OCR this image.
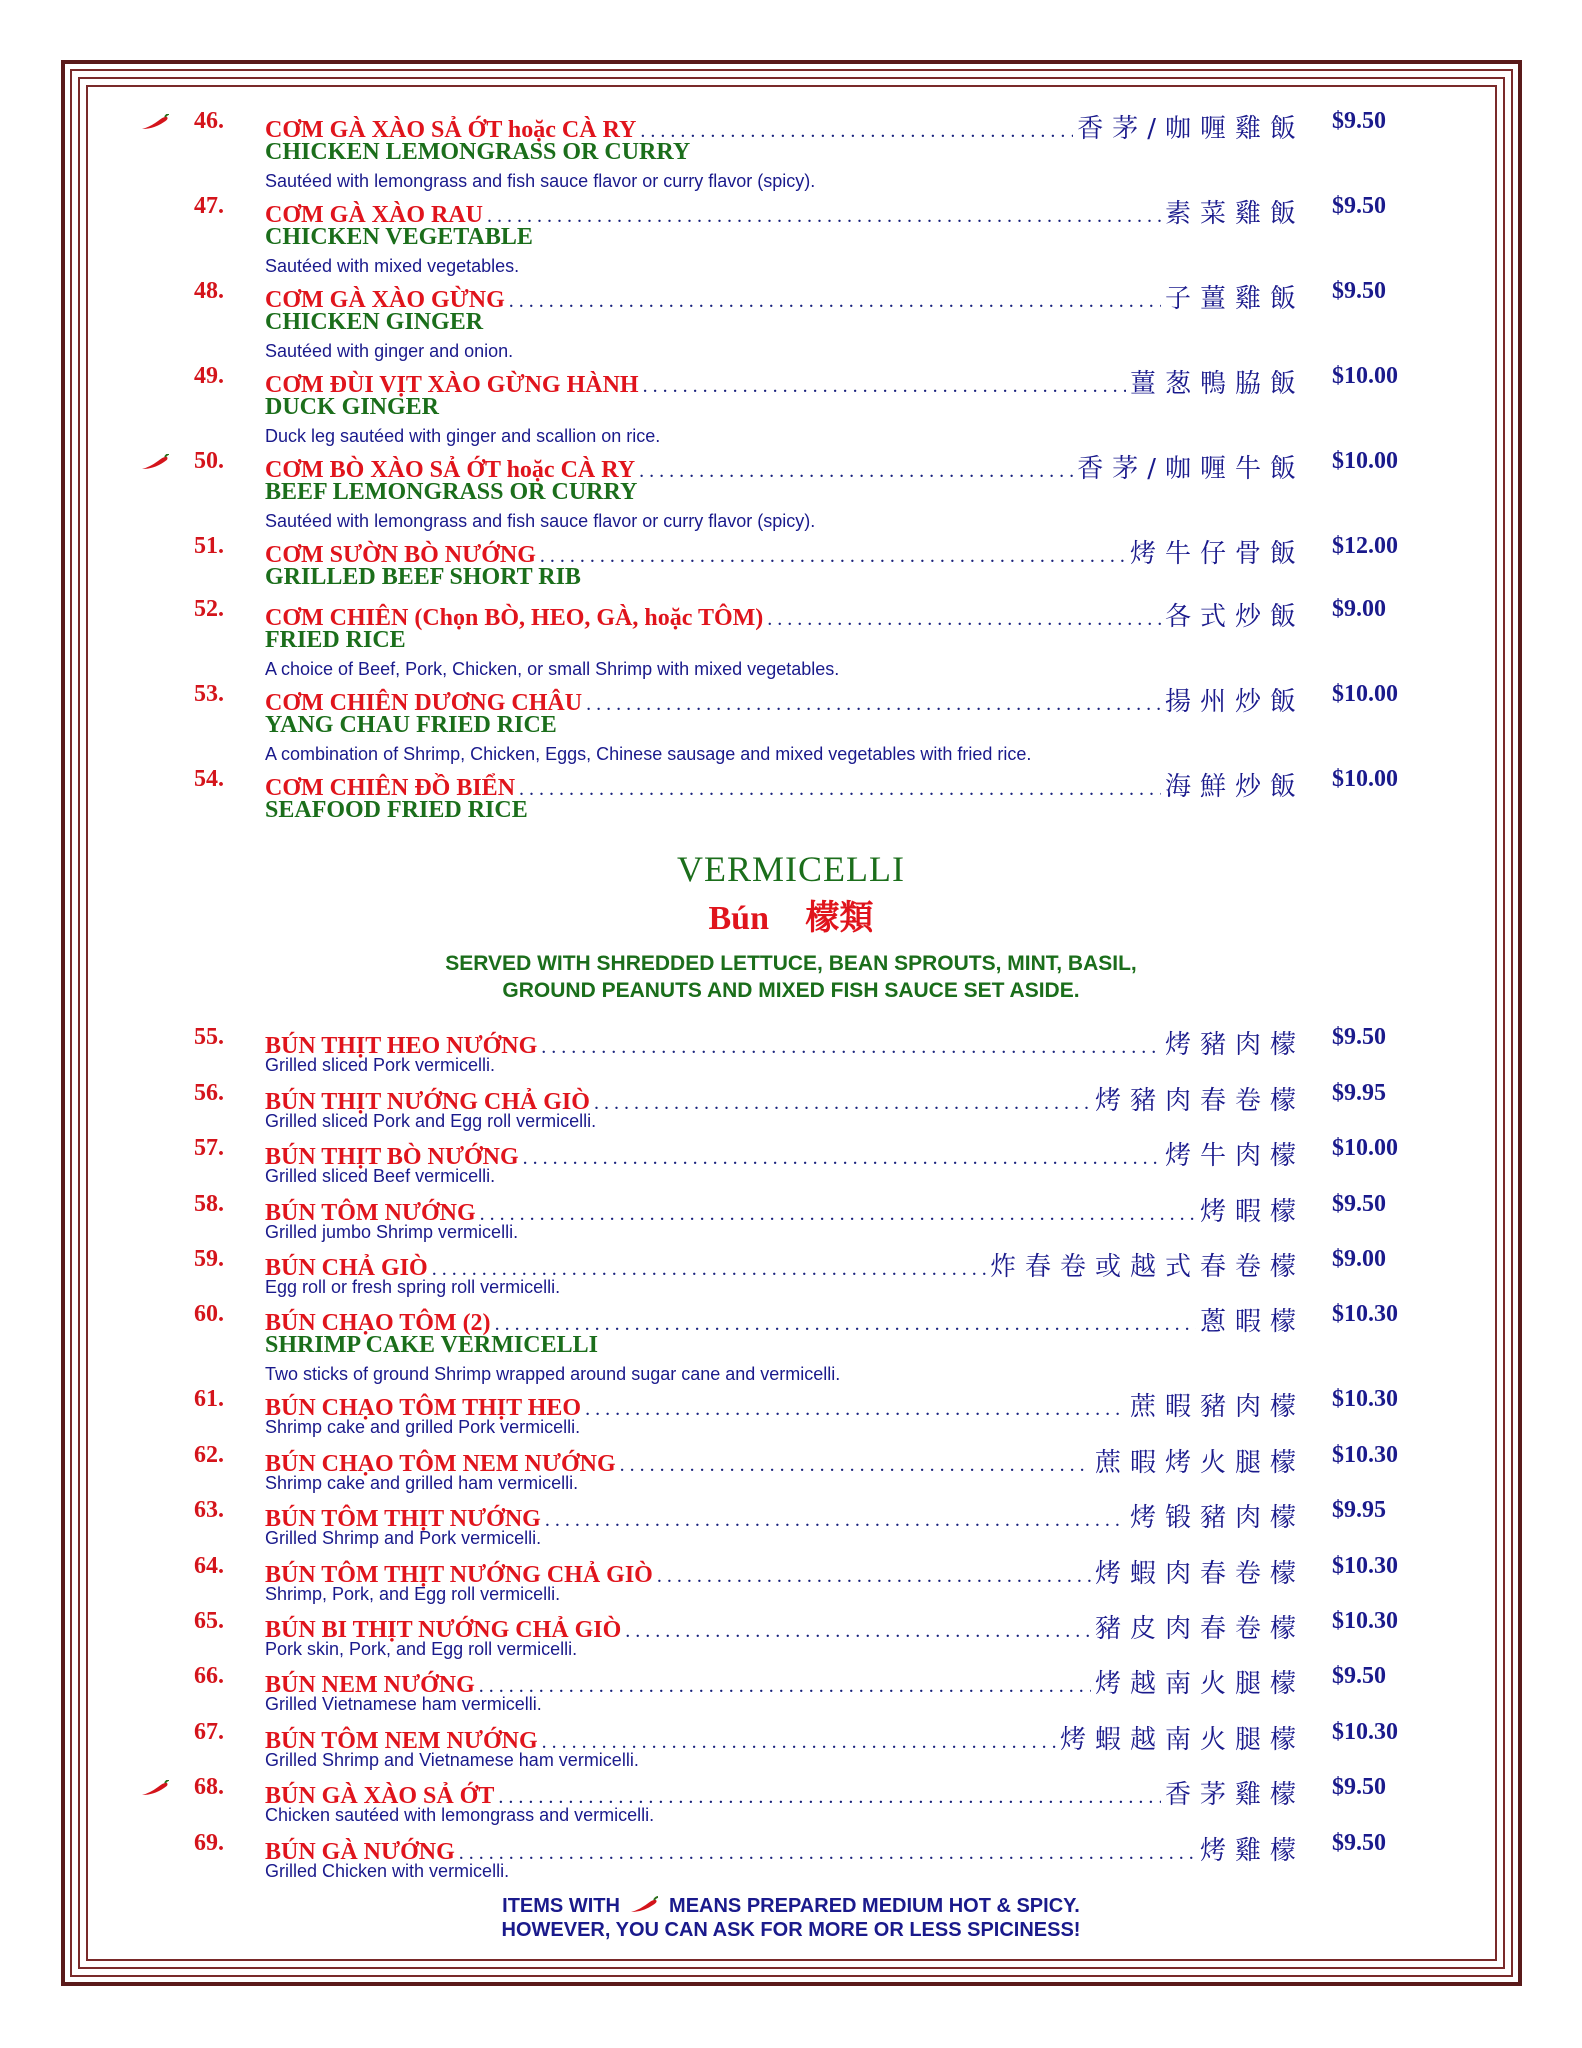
46. CƠM GÀ XÀO SẢ ỚT hoặc CÀ RY .....	香茅/咖喱雞飯 $9.50
CHICKEN LEMONGRASS OR CURRY
Sautéed with lemongrass and fish sauce flavor or curry flavor (spicy).
47. CƠM GÀ XÀO RAU .....	素菜雞飯 $9.50
CHICKEN VEGETABLE
Sautéed with mixed vegetables.
48. CƠM GÀ XÀO GỪNG .....	子薑雞飯 $9.50
CHICKEN GINGER
Sautéed with ginger and onion.
49. CƠM ĐÙI VỊT XÀO GỪNG HÀNH .....	薑葱鴨脇飯 $10.00
DUCK GINGER
Duck leg sautéed with ginger and scallion on rice.
50. CƠM BÒ XÀO SẢ ỚT hoặc CÀ RY .....	香茅/咖喱牛飯 $10.00
BEEF LEMONGRASS OR CURRY
Sautéed with lemongrass and fish sauce flavor or curry flavor (spicy).
51. CƠM SƯỜN BÒ NƯỚNG .....	烤牛仔骨飯 $12.00
GRILLED BEEF SHORT RIB
52. CƠM CHIÊN (Chọn BÒ, HEO, GÀ, hoặc TÔM) .....	各式炒飯 $9.00
FRIED RICE
A choice of Beef, Pork, Chicken, or small Shrimp with mixed vegetables.
53. CƠM CHIÊN DƯƠNG CHÂU .....	揚州炒飯 $10.00
YANG CHAU FRIED RICE
A combination of Shrimp, Chicken, Eggs, Chinese sausage and mixed vegetables with fried rice.
54. CƠM CHIÊN ĐỒ BIỂN .....	海鮮炒飯 $10.00
SEAFOOD FRIED RICE
VERMICELLI
Bún 檬類
SERVED WITH SHREDDED LETTUCE, BEAN SPROUTS, MINT, BASIL,
GROUND PEANUTS AND MIXED FISH SAUCE SET ASIDE.
55. BÚN THỊT HEO NƯỚNG .....	烤豬肉檬 $9.50
Grilled sliced Pork vermicelli.
56. BÚN THỊT NƯỚNG CHẢ GIÒ .....	烤豬肉春卷檬 $9.95
Grilled sliced Pork and Egg roll vermicelli.
57. BÚN THỊT BÒ NƯỚNG .....	烤牛肉檬 $10.00
Grilled sliced Beef vermicelli.
58. BÚN TÔM NƯỚNG .....	烤暇檬 $9.50
Grilled jumbo Shrimp vermicelli.
59. BÚN CHẢ GIÒ .....	炸春卷或越式春卷檬 $9.00
Egg roll or fresh spring roll vermicelli.
60. BÚN CHẠO TÔM (2) .....	蔥暇檬 $10.30
SHRIMP CAKE VERMICELLI
Two sticks of ground Shrimp wrapped around sugar cane and vermicelli.
61. BÚN CHẠO TÔM THỊT HEO .....	蔗暇豬肉檬 $10.30
Shrimp cake and grilled Pork vermicelli.
62. BÚN CHẠO TÔM NEM NƯỚNG .....	蔗暇烤火腿檬 $10.30
Shrimp cake and grilled ham vermicelli.
63. BÚN TÔM THỊT NƯỚNG .....	烤锻豬肉檬 $9.95
Grilled Shrimp and Pork vermicelli.
64. BÚN TÔM THỊT NƯỚNG CHẢ GIÒ .....	烤蝦肉春卷檬 $10.30
Shrimp, Pork, and Egg roll vermicelli.
65. BÚN BI THỊT NƯỚNG CHẢ GIÒ .....	豬皮肉春卷檬 $10.30
Pork skin, Pork, and Egg roll vermicelli.
66. BÚN NEM NƯỚNG .....	烤越南火腿檬 $9.50
Grilled Vietnamese ham vermicelli.
67. BÚN TÔM NEM NƯỚNG .....	烤蝦越南火腿檬 $10.30
Grilled Shrimp and Vietnamese ham vermicelli.
68. BÚN GÀ XÀO SẢ ỚT .....	香茅雞檬 $9.50
Chicken sautéed with lemongrass and vermicelli.
69. BÚN GÀ NƯỚNG .....	烤雞檬 $9.50
Grilled Chicken with vermicelli.
ITEMS WITH MEANS PREPARED MEDIUM HOT & SPICY.
HOWEVER, YOU CAN ASK FOR MORE OR LESS SPICINESS!
